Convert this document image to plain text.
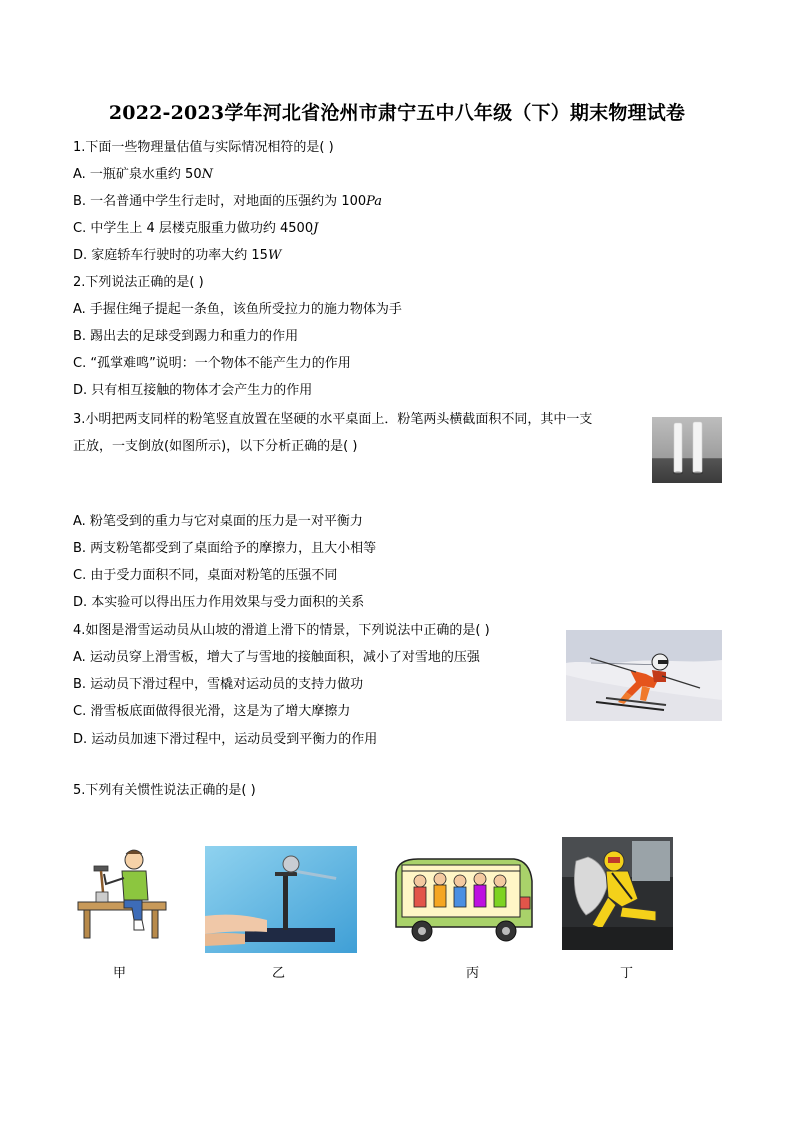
2022-2023学年河北省沧州市肃宁五中八年级（下）期末物理试卷
1.下面一些物理量估值与实际情况相符的是( )
A. 一瓶矿泉水重约 50N
B. 一名普通中学生行走时，对地面的压强约为 100Pa
C. 中学生上 4 层楼克服重力做功约 4500J
D. 家庭轿车行驶时的功率大约 15W
2.下列说法正确的是( )
A. 手握住绳子提起一条鱼，该鱼所受拉力的施力物体为手
B. 踢出去的足球受到踢力和重力的作用
C. “孤掌难鸣”说明：一个物体不能产生力的作用
D. 只有相互接触的物体才会产生力的作用
3.小明把两支同样的粉笔竖直放置在坚硬的水平桌面上．粉笔两头横截面积不同，其中一支
正放，一支倒放(如图所示)，以下分析正确的是( )
A. 粉笔受到的重力与它对桌面的压力是一对平衡力
B. 两支粉笔都受到了桌面给予的摩擦力，且大小相等
C. 由于受力面积不同，桌面对粉笔的压强不同
D. 本实验可以得出压力作用效果与受力面积的关系
4.如图是滑雪运动员从山坡的滑道上滑下的情景，下列说法中正确的是( )
A. 运动员穿上滑雪板，增大了与雪地的接触面积，减小了对雪地的压强
B. 运动员下滑过程中，雪橇对运动员的支持力做功
C. 滑雪板底面做得很光滑，这是为了增大摩擦力
D. 运动员加速下滑过程中，运动员受到平衡力的作用
5.下列有关惯性说法正确的是( )
甲	乙	丙	丁
